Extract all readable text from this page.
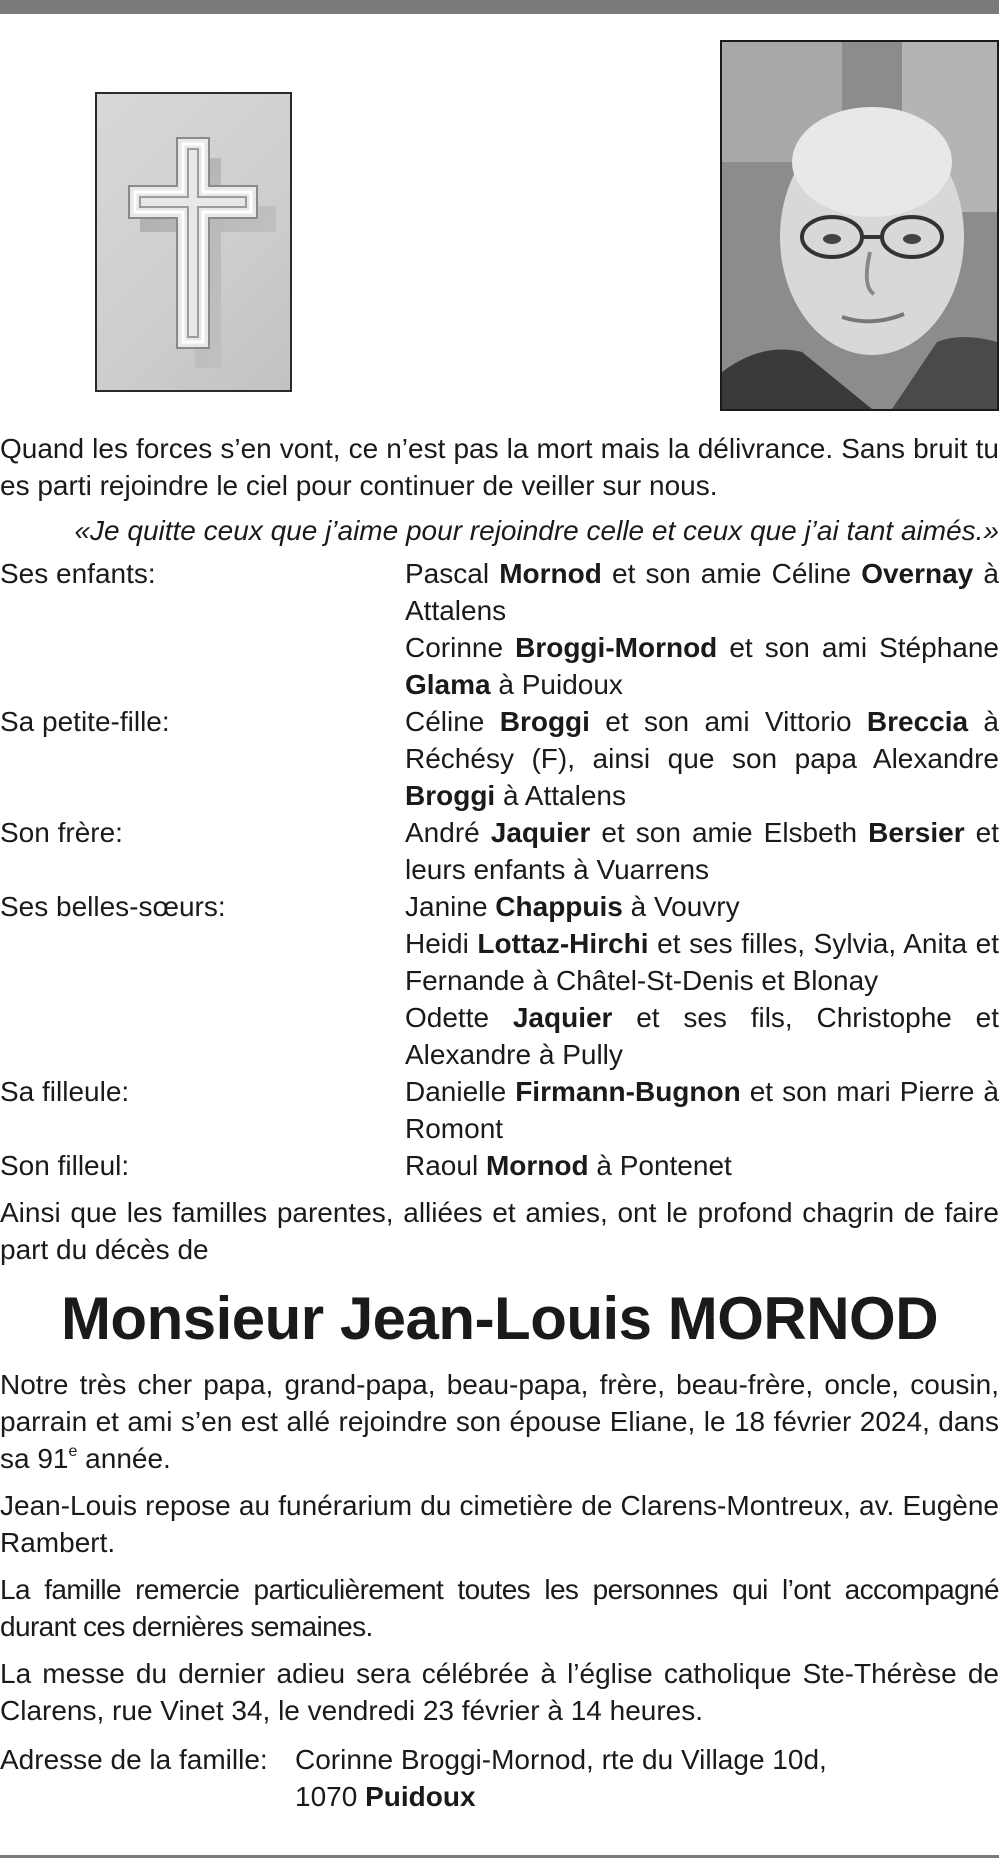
Quand les forces s’en vont, ce n’est pas la mort mais la délivrance. Sans bruit tu es parti rejoindre le ciel pour continuer de veiller sur nous.

«Je quitte ceux que j’aime pour rejoindre celle et ceux que j’ai tant aimés.»

Ses enfants:	Pascal Mornod et son amie Céline Overnay à Attalens
Corinne Broggi-Mornod et son ami Stéphane Glama à Puidoux
Sa petite-fille:	Céline Broggi et son ami Vittorio Breccia à Réchésy (F), ainsi que son papa Alexandre Broggi à Attalens
Son frère:	André Jaquier et son amie Elsbeth Bersier et leurs enfants à Vuarrens
Ses belles-sœurs:	Janine Chappuis à Vouvry
Heidi Lottaz-Hirchi et ses filles, Sylvia, Anita et Fernande à Châtel-St-Denis et Blonay
Odette Jaquier et ses fils, Christophe et Alexandre à Pully
Sa filleule:	Danielle Firmann-Bugnon et son mari Pierre à Romont
Son filleul:	Raoul Mornod à Pontenet

Ainsi que les familles parentes, alliées et amies, ont le profond chagrin de faire part du décès de

Monsieur Jean-Louis MORNOD

Notre très cher papa, grand-papa, beau-papa, frère, beau-frère, oncle, cousin, parrain et ami s’en est allé rejoindre son épouse Eliane, le 18 février 2024, dans sa 91e année.

Jean-Louis repose au funérarium du cimetière de Clarens-Montreux, av. Eugène Rambert.

La famille remercie particulièrement toutes les personnes qui l’ont accompagné durant ces dernières semaines.

La messe du dernier adieu sera célébrée à l’église catholique Ste-Thérèse de Clarens, rue Vinet 34, le vendredi 23 février à 14 heures.

Adresse de la famille: Corinne Broggi-Mornod, rte du Village 10d,
1070 Puidoux
